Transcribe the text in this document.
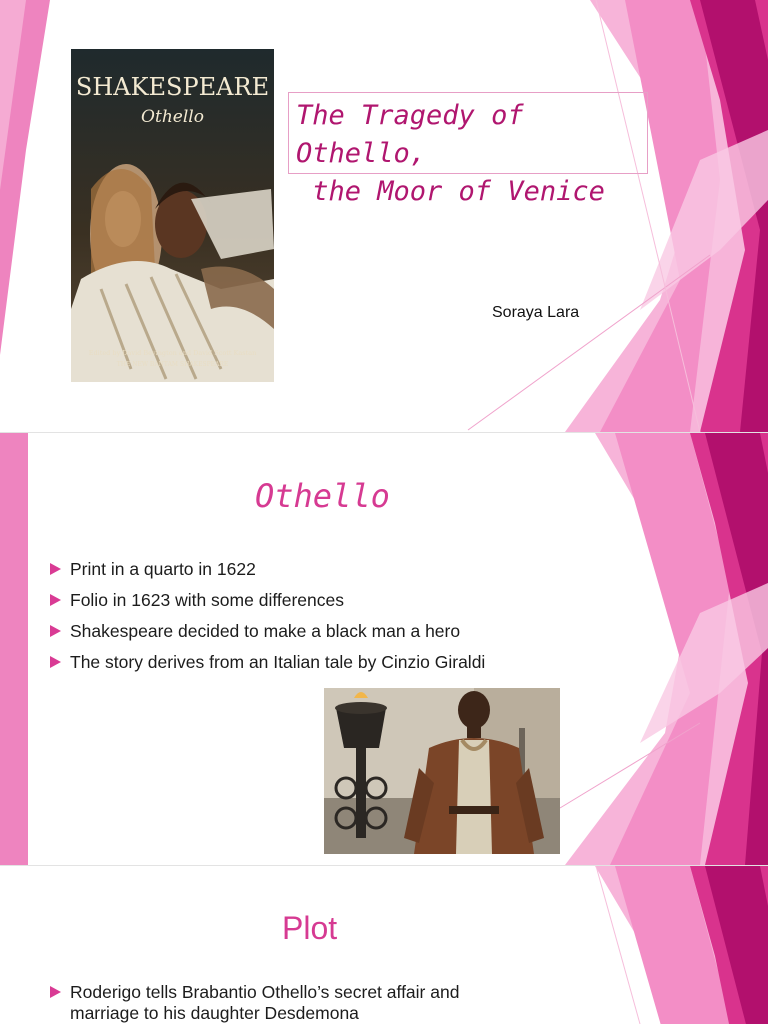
SHAKESPEARE
Othello
Edited by David Bevington and David Scott Kastan
THE NEW BANTAM SHAKESPEARE
The Tragedy of Othello,
the Moor of Venice
Soraya Lara
Othello
Print in a quarto in 1622
Folio in 1623 with some differences
Shakespeare decided to make a black man a hero
The story derives from an Italian tale by Cinzio Giraldi
Plot
Roderigo tells Brabantio Othello’s secret affair and marriage to his daughter Desdemona
